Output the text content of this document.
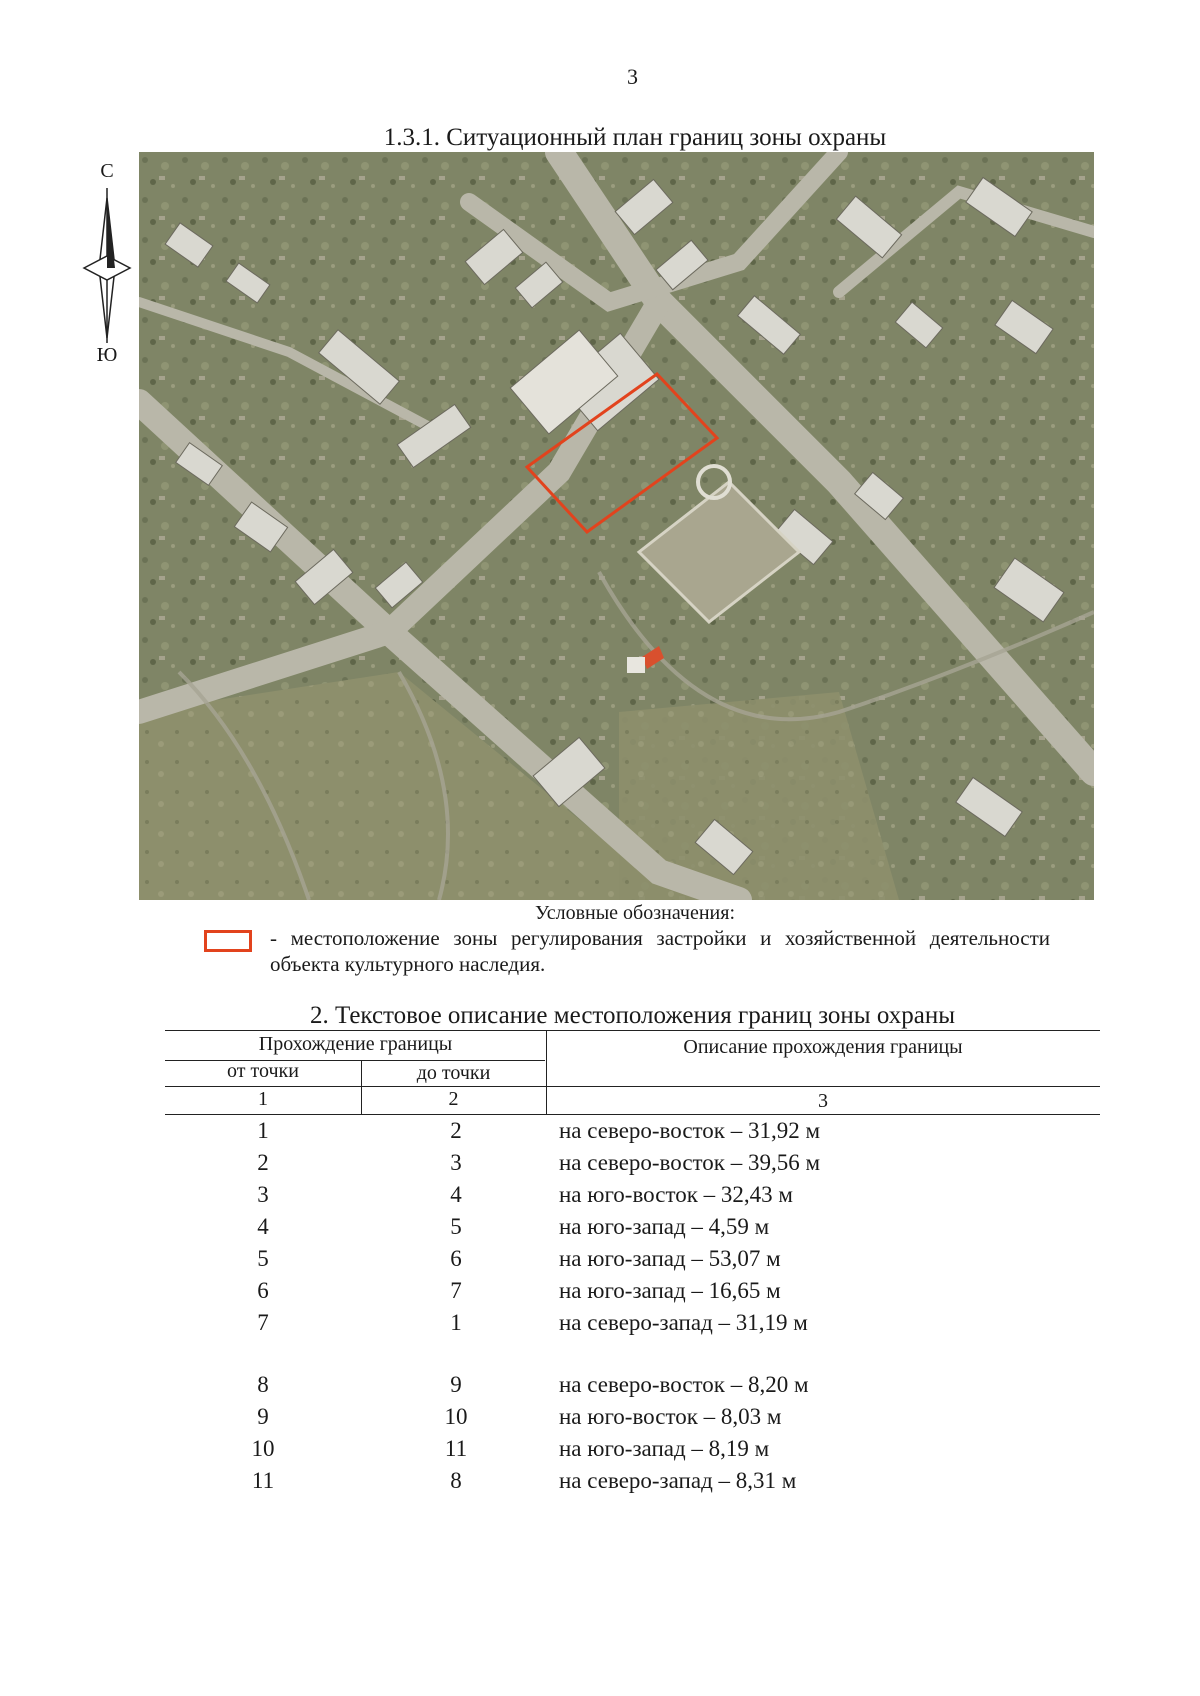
3
1.3.1. Ситуационный план границ зоны охраны
С
Ю
Условные обозначения:
- местоположение зоны регулирования застройки и хозяйственной деятельности объекта культурного наследия.
2. Текстовое описание местоположения границ зоны охраны
Прохождение границы	Описание прохождения границы
от точки	до точки
1	2	3
1	2	на северо-восток – 31,92 м
2	3	на северо-восток – 39,56 м
3	4	на юго-восток – 32,43 м
4	5	на юго-запад – 4,59 м
5	6	на юго-запад – 53,07 м
6	7	на юго-запад – 16,65 м
7	1	на северо-запад – 31,19 м
8	9	на северо-восток – 8,20 м
9	10	на юго-восток – 8,03 м
10	11	на юго-запад – 8,19 м
11	8	на северо-запад – 8,31 м
